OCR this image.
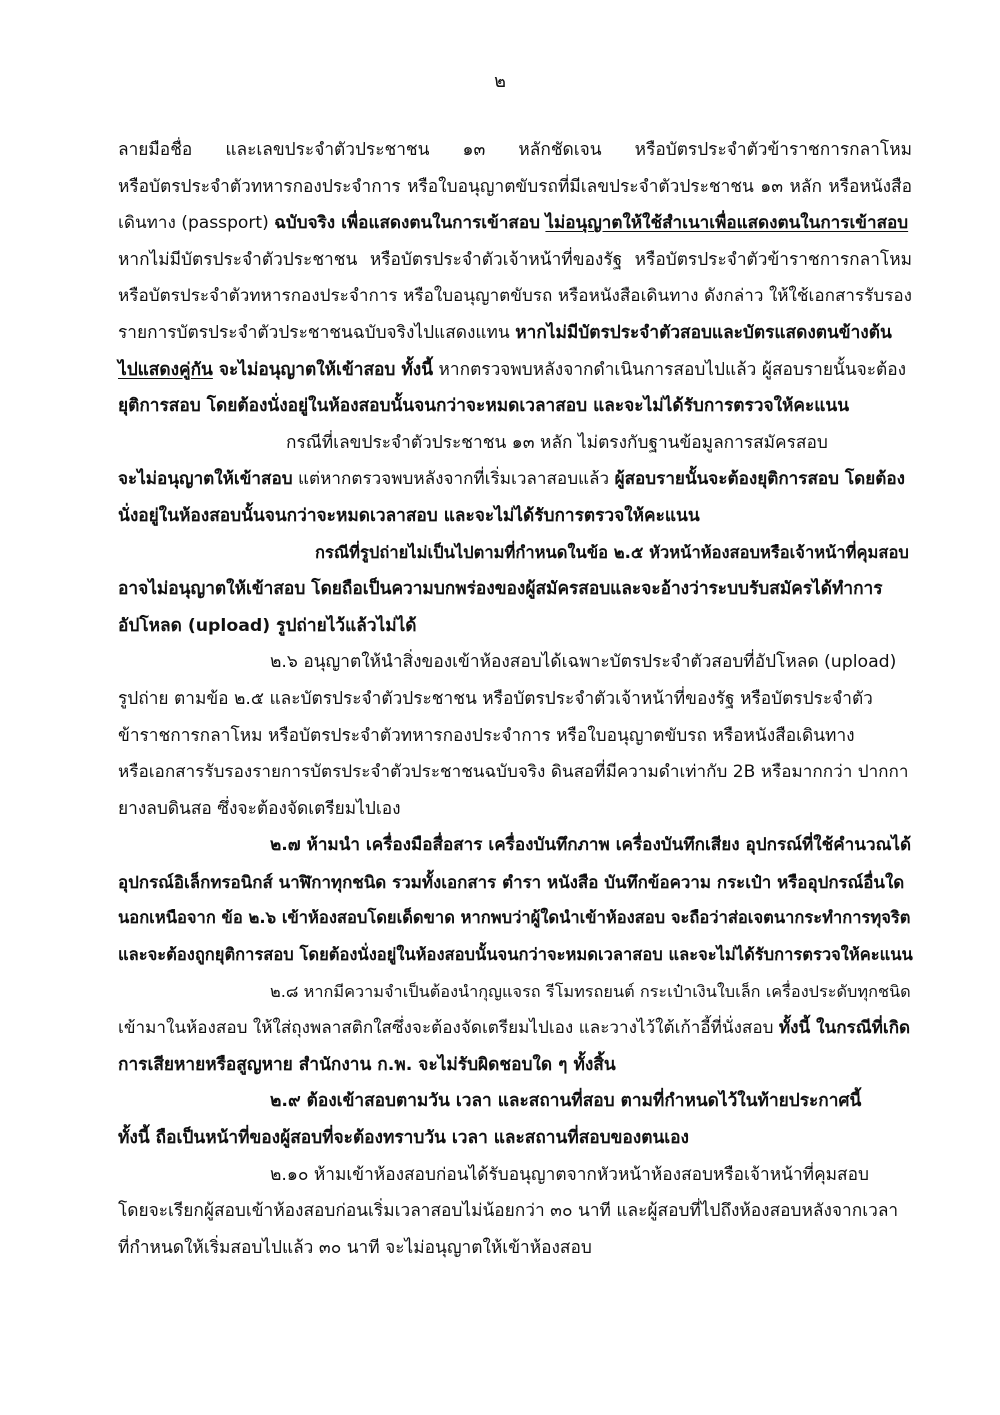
๒
ลายมือชื่อ และเลขประจำตัวประชาชน ๑๓ หลักชัดเจน หรือบัตรประจำตัวข้าราชการกลาโหม
หรือบัตรประจำตัวทหารกองประจำการ หรือใบอนุญาตขับรถที่มีเลขประจำตัวประชาชน ๑๓ หลัก หรือหนังสือ
เดินทาง (passport) ฉบับจริง เพื่อแสดงตนในการเข้าสอบ ไม่อนุญาตให้ใช้สำเนาเพื่อแสดงตนในการเข้าสอบ
หากไม่มีบัตรประจำตัวประชาชน หรือบัตรประจำตัวเจ้าหน้าที่ของรัฐ หรือบัตรประจำตัวข้าราชการกลาโหม
หรือบัตรประจำตัวทหารกองประจำการ หรือใบอนุญาตขับรถ หรือหนังสือเดินทาง ดังกล่าว ให้ใช้เอกสารรับรอง
รายการบัตรประจำตัวประชาชนฉบับจริงไปแสดงแทน หากไม่มีบัตรประจำตัวสอบและบัตรแสดงตนข้างต้น
ไปแสดงคู่กัน จะไม่อนุญาตให้เข้าสอบ ทั้งนี้ หากตรวจพบหลังจากดำเนินการสอบไปแล้ว ผู้สอบรายนั้นจะต้อง
ยุติการสอบ โดยต้องนั่งอยู่ในห้องสอบนั้นจนกว่าจะหมดเวลาสอบ และจะไม่ได้รับการตรวจให้คะแนน
กรณีที่เลขประจำตัวประชาชน ๑๓ หลัก ไม่ตรงกับฐานข้อมูลการสมัครสอบ
จะไม่อนุญาตให้เข้าสอบ แต่หากตรวจพบหลังจากที่เริ่มเวลาสอบแล้ว ผู้สอบรายนั้นจะต้องยุติการสอบ โดยต้อง
นั่งอยู่ในห้องสอบนั้นจนกว่าจะหมดเวลาสอบ และจะไม่ได้รับการตรวจให้คะแนน
กรณีที่รูปถ่ายไม่เป็นไปตามที่กำหนดในข้อ ๒.๕ หัวหน้าห้องสอบหรือเจ้าหน้าที่คุมสอบ
อาจไม่อนุญาตให้เข้าสอบ โดยถือเป็นความบกพร่องของผู้สมัครสอบและจะอ้างว่าระบบรับสมัครได้ทำการ
อัปโหลด (upload) รูปถ่ายไว้แล้วไม่ได้
๒.๖ อนุญาตให้นำสิ่งของเข้าห้องสอบได้เฉพาะบัตรประจำตัวสอบที่อัปโหลด (upload)
รูปถ่าย ตามข้อ ๒.๕ และบัตรประจำตัวประชาชน หรือบัตรประจำตัวเจ้าหน้าที่ของรัฐ หรือบัตรประจำตัว
ข้าราชการกลาโหม หรือบัตรประจำตัวทหารกองประจำการ หรือใบอนุญาตขับรถ หรือหนังสือเดินทาง
หรือเอกสารรับรองรายการบัตรประจำตัวประชาชนฉบับจริง ดินสอที่มีความดำเท่ากับ 2B หรือมากกว่า ปากกา
ยางลบดินสอ ซึ่งจะต้องจัดเตรียมไปเอง
๒.๗ ห้ามนำ เครื่องมือสื่อสาร เครื่องบันทึกภาพ เครื่องบันทึกเสียง อุปกรณ์ที่ใช้คำนวณได้
อุปกรณ์อิเล็กทรอนิกส์ นาฬิกาทุกชนิด รวมทั้งเอกสาร ตำรา หนังสือ บันทึกข้อความ กระเป๋า หรืออุปกรณ์อื่นใด
นอกเหนือจาก ข้อ ๒.๖ เข้าห้องสอบโดยเด็ดขาด หากพบว่าผู้ใดนำเข้าห้องสอบ จะถือว่าส่อเจตนากระทำการทุจริต
และจะต้องถูกยุติการสอบ โดยต้องนั่งอยู่ในห้องสอบนั้นจนกว่าจะหมดเวลาสอบ และจะไม่ได้รับการตรวจให้คะแนน
๒.๘ หากมีความจำเป็นต้องนำกุญแจรถ รีโมทรถยนต์ กระเป๋าเงินใบเล็ก เครื่องประดับทุกชนิด
เข้ามาในห้องสอบ ให้ใส่ถุงพลาสติกใสซึ่งจะต้องจัดเตรียมไปเอง และวางไว้ใต้เก้าอี้ที่นั่งสอบ ทั้งนี้ ในกรณีที่เกิด
การเสียหายหรือสูญหาย สำนักงาน ก.พ. จะไม่รับผิดชอบใด ๆ ทั้งสิ้น
๒.๙ ต้องเข้าสอบตามวัน เวลา และสถานที่สอบ ตามที่กำหนดไว้ในท้ายประกาศนี้
ทั้งนี้ ถือเป็นหน้าที่ของผู้สอบที่จะต้องทราบวัน เวลา และสถานที่สอบของตนเอง
๒.๑๐ ห้ามเข้าห้องสอบก่อนได้รับอนุญาตจากหัวหน้าห้องสอบหรือเจ้าหน้าที่คุมสอบ
โดยจะเรียกผู้สอบเข้าห้องสอบก่อนเริ่มเวลาสอบไม่น้อยกว่า ๓๐ นาที และผู้สอบที่ไปถึงห้องสอบหลังจากเวลา
ที่กำหนดให้เริ่มสอบไปแล้ว ๓๐ นาที จะไม่อนุญาตให้เข้าห้องสอบ
